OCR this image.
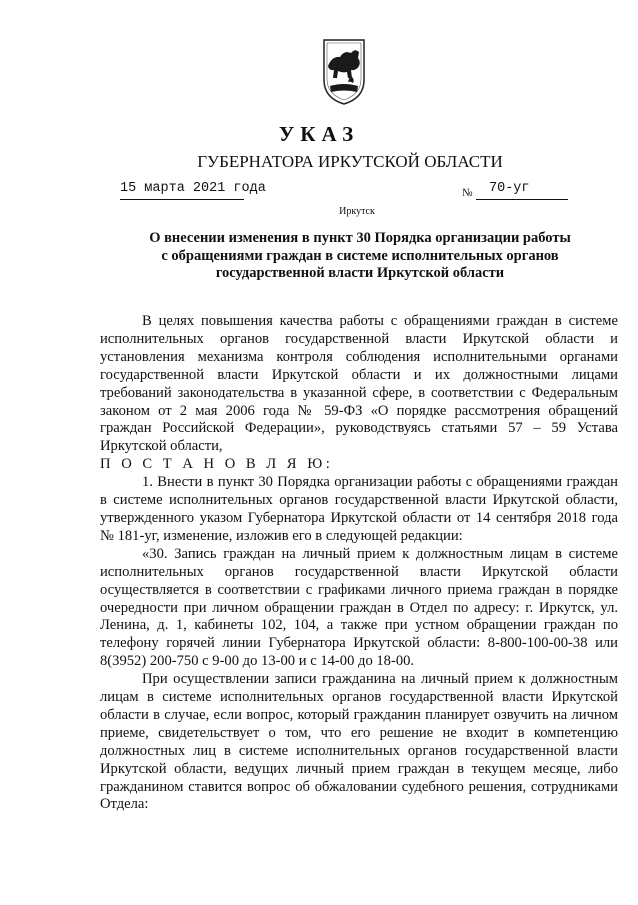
УКАЗ
ГУБЕРНАТОРА ИРКУТСКОЙ ОБЛАСТИ
15 марта 2021 года	№ 70-уг
Иркутск
О внесении изменения в пункт 30 Порядка организации работы
с обращениями граждан в системе исполнительных органов
государственной власти Иркутской области

В целях повышения качества работы с обращениями граждан в системе исполнительных органов государственной власти Иркутской области и установления механизма контроля соблюдения исполнительными органами государственной власти Иркутской области и их должностными лицами требований законодательства в указанной сфере, в соответствии с Федеральным законом от 2 мая 2006 года № 59-ФЗ «О порядке рассмотрения обращений граждан Российской Федерации», руководствуясь статьями 57 – 59 Устава Иркутской области,

П О С Т А Н О В Л Я Ю:

1. Внести в пункт 30 Порядка организации работы с обращениями граждан в системе исполнительных органов государственной власти Иркутской области, утвержденного указом Губернатора Иркутской области от 14 сентября 2018 года № 181-уг, изменение, изложив его в следующей редакции:

«30. Запись граждан на личный прием к должностным лицам в системе исполнительных органов государственной власти Иркутской области осуществляется в соответствии с графиками личного приема граждан в порядке очередности при личном обращении граждан в Отдел по адресу: г. Иркутск, ул. Ленина, д. 1, кабинеты 102, 104, а также при устном обращении граждан по телефону горячей линии Губернатора Иркутской области: 8-800-100-00-38 или 8(3952) 200-750 с 9-00 до 13-00 и с 14-00 до 18-00.

При осуществлении записи гражданина на личный прием к должностным лицам в системе исполнительных органов государственной власти Иркутской области в случае, если вопрос, который гражданин планирует озвучить на личном приеме, свидетельствует о том, что его решение не входит в компетенцию должностных лиц в системе исполнительных органов государственной власти Иркутской области, ведущих личный прием граждан в текущем месяце, либо гражданином ставится вопрос об обжаловании судебного решения, сотрудниками Отдела:
